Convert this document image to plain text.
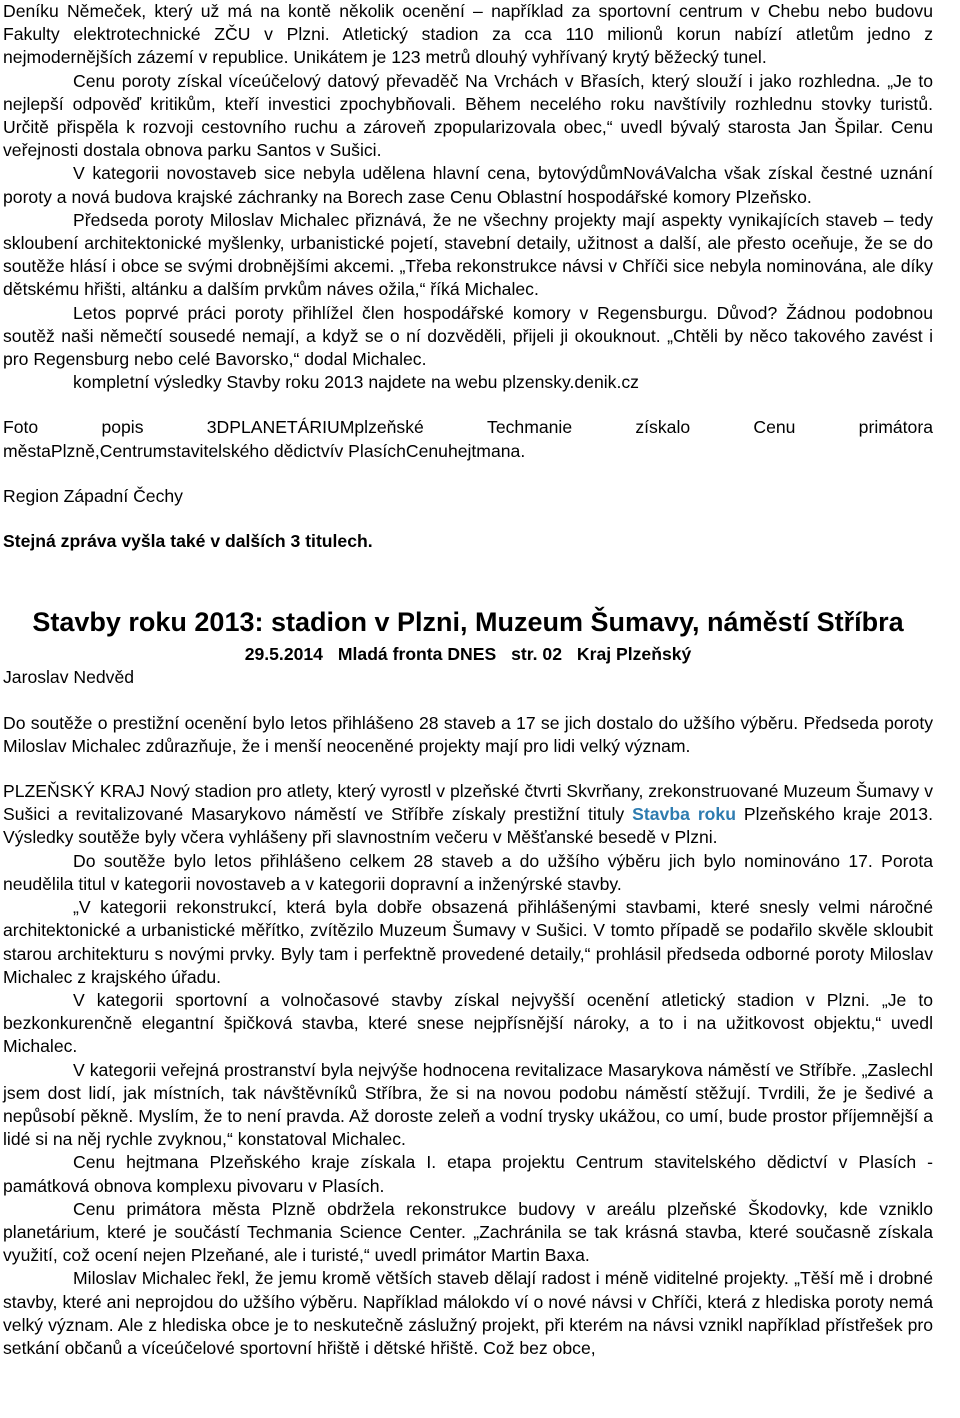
Deníku Němeček, který už má na kontě několik ocenění – například za sportovní centrum v Chebu nebo budovu Fakulty elektrotechnické ZČU v Plzni. Atletický stadion za cca 110 milionů korun nabízí atletům jedno z nejmodernějších zázemí v republice. Unikátem je 123 metrů dlouhý vyhřívaný krytý běžecký tunel.

Cenu poroty získal víceúčelový datový převaděč Na Vrchách v Břasích, který slouží i jako rozhledna. „Je to nejlepší odpověď kritikům, kteří investici zpochybňovali. Během necelého roku navštívily rozhlednu stovky turistů. Určitě přispěla k rozvoji cestovního ruchu a zároveň zpopularizovala obec,“ uvedl bývalý starosta Jan Špilar. Cenu veřejnosti dostala obnova parku Santos v Sušici.

V kategorii novostaveb sice nebyla udělena hlavní cena, bytovýdůmNováValcha však získal čestné uznání poroty a nová budova krajské záchranky na Borech zase Cenu Oblastní hospodářské komory Plzeňsko.

Předseda poroty Miloslav Michalec přiznává, že ne všechny projekty mají aspekty vynikajících staveb – tedy skloubení architektonické myšlenky, urbanistické pojetí, stavební detaily, užitnost a další, ale přesto oceňuje, že se do soutěže hlásí i obce se svými drobnějšími akcemi. „Třeba rekonstrukce návsi v Chříči sice nebyla nominována, ale díky dětskému hřišti, altánku a dalším prvkům náves ožila,“ říká Michalec.

Letos poprvé práci poroty přihlížel člen hospodářské komory v Regensburgu. Důvod? Žádnou podobnou soutěž naši němečtí sousedé nemají, a když se o ní dozvěděli, přijeli ji okouknout. „Chtěli by něco takového zavést i pro Regensburg nebo celé Bavorsko,“ dodal Michalec.

kompletní výsledky Stavby roku 2013 najdete na webu plzensky.denik.cz

Foto	popis	3DPLANETÁRIUMplzeňské	Techmanie	získalo	Cenu	primátora

městaPlzně,Centrumstavitelského dědictvív PlasíchCenuhejtmana.

Region Západní Čechy

Stejná zpráva vyšla také v dalších 3 titulech.

Stavby roku 2013: stadion v Plzni, Muzeum Šumavy, náměstí Stříbra
29.5.2014 Mladá fronta DNES str. 02 Kraj Plzeňský

Jaroslav Nedvěd

Do soutěže o prestižní ocenění bylo letos přihlášeno 28 staveb a 17 se jich dostalo do užšího výběru. Předseda poroty Miloslav Michalec zdůrazňuje, že i menší neoceněné projekty mají pro lidi velký význam.

PLZEŇSKÝ KRAJ Nový stadion pro atlety, který vyrostl v plzeňské čtvrti Skvrňany, zrekonstruované Muzeum Šumavy v Sušici a revitalizované Masarykovo náměstí ve Stříbře získaly prestižní tituly Stavba roku Plzeňského kraje 2013. Výsledky soutěže byly včera vyhlášeny při slavnostním večeru v Měšťanské besedě v Plzni.

Do soutěže bylo letos přihlášeno celkem 28 staveb a do užšího výběru jich bylo nominováno 17. Porota neudělila titul v kategorii novostaveb a v kategorii dopravní a inženýrské stavby.

„V kategorii rekonstrukcí, která byla dobře obsazená přihlášenými stavbami, které snesly velmi náročné architektonické a urbanistické měřítko, zvítězilo Muzeum Šumavy v Sušici. V tomto případě se podařilo skvěle skloubit starou architekturu s novými prvky. Byly tam i perfektně provedené detaily,“ prohlásil předseda odborné poroty Miloslav Michalec z krajského úřadu.

V kategorii sportovní a volnočasové stavby získal nejvyšší ocenění atletický stadion v Plzni. „Je to bezkonkurenčně elegantní špičková stavba, které snese nejpřísnější nároky, a to i na užitkovost objektu,“ uvedl Michalec.

V kategorii veřejná prostranství byla nejvýše hodnocena revitalizace Masarykova náměstí ve Stříbře. „Zaslechl jsem dost lidí, jak místních, tak návštěvníků Stříbra, že si na novou podobu náměstí stěžují. Tvrdili, že je šedivé a nepůsobí pěkně. Myslím, že to není pravda. Až doroste zeleň a vodní trysky ukážou, co umí, bude prostor příjemnější a lidé si na něj rychle zvyknou,“ konstatoval Michalec.

Cenu hejtmana Plzeňského kraje získala I. etapa projektu Centrum stavitelského dědictví v Plasích - památková obnova komplexu pivovaru v Plasích.

Cenu primátora města Plzně obdržela rekonstrukce budovy v areálu plzeňské Škodovky, kde vzniklo planetárium, které je součástí Techmania Science Center. „Zachránila se tak krásná stavba, které současně získala využití, což ocení nejen Plzeňané, ale i turisté,“ uvedl primátor Martin Baxa.

Miloslav Michalec řekl, že jemu kromě větších staveb dělají radost i méně viditelné projekty. „Těší mě i drobné stavby, které ani neprojdou do užšího výběru. Například málokdo ví o nové návsi v Chříči, která z hlediska poroty nemá velký význam. Ale z hlediska obce je to neskutečně záslužný projekt, při kterém na návsi vznikl například přístřešek pro setkání občanů a víceúčelové sportovní hřiště i dětské hřiště. Což bez obce,
